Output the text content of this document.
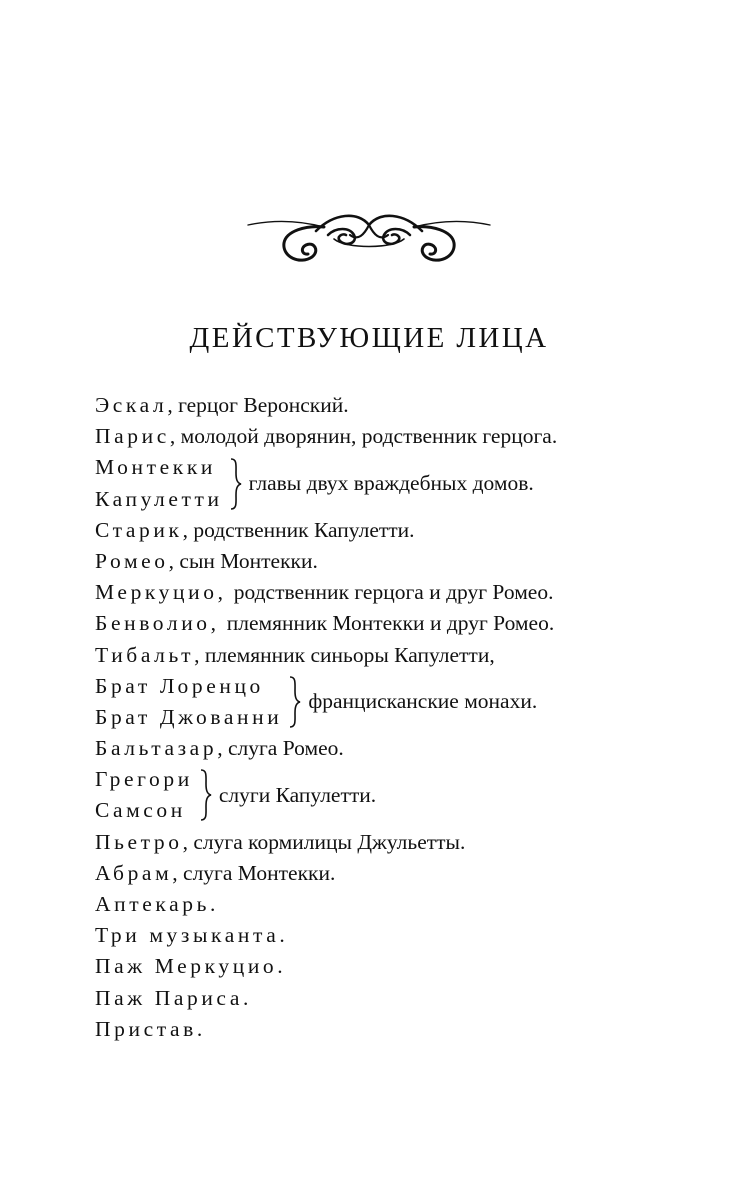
ДЕЙСТВУЮЩИЕ ЛИЦА
Эскал, герцог Веронский.
Парис, молодой дворянин, родственник герцога.
Монтекки
Капулетти
главы двух враждебных домов.
Старик, родственник Капулетти.
Ромео, сын Монтекки.
Меркуцио,  родственник герцога и друг Ромео.
Бенволио,  племянник Монтекки и друг Ромео.
Тибальт, племянник синьоры Капулетти,
Брат Лоренцо
Брат Джованни
францисканские монахи.
Бальтазар, слуга Ромео.
Грегори
Самсон
слуги Капулетти.
Пьетро, слуга кормилицы Джульетты.
Абрам, слуга Монтекки.
Аптекарь.
Три музыканта.
Паж Меркуцио.
Паж Париса.
Пристав.
